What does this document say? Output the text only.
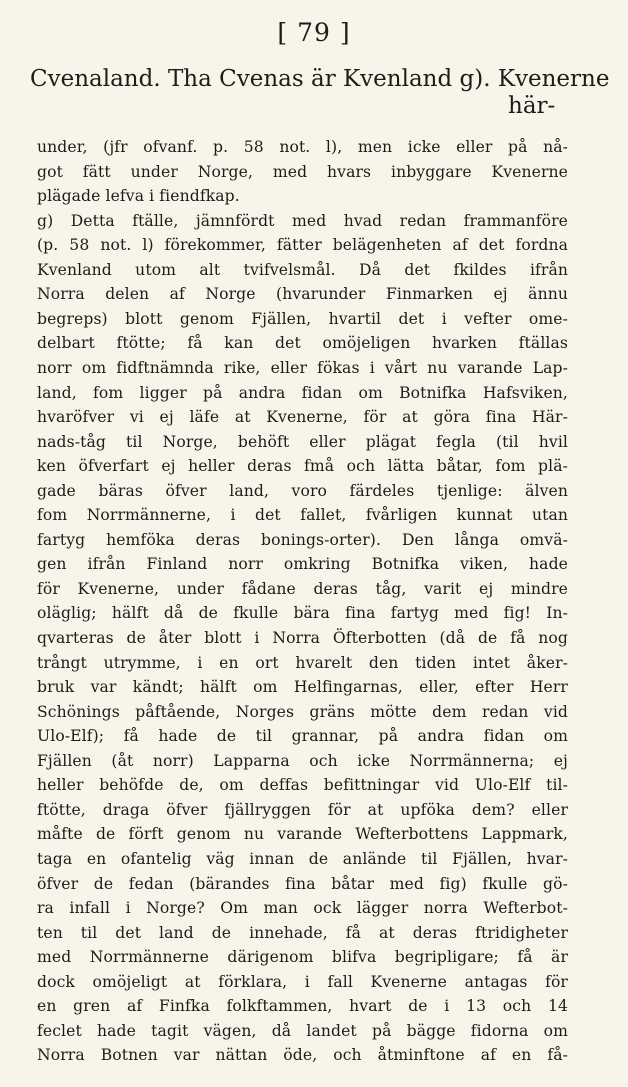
[ 79 ]
Cvenaland. Tha Cvenas är Kvenland g). Kvenerne
här-
under, (jfr ofvanf. p. 58 not. l), men icke eller på nå-
got fätt under Norge, med hvars inbyggare Kvenerne
plägade lefva i fiendfkap.
g) Detta ftälle, jämnfördt med hvad redan frammanföre
(p. 58 not. l) förekommer, fätter belägenheten af det fordna
Kvenland utom alt tvifvelsmål. Då det fkildes ifrån
Norra delen af Norge (hvarunder Finmarken ej ännu
begreps) blott genom Fjällen, hvartil det i vefter ome-
delbart ftötte; få kan det omöjeligen hvarken ftällas
norr om fidftnämnda rike, eller fökas i vårt nu varande Lap-
land, fom ligger på andra fidan om Botnifka Hafsviken,
hvaröfver vi ej läfe at Kvenerne, för at göra fina Här-
nads-tåg til Norge, behöft eller plägat fegla (til hvil
ken öfverfart ej heller deras fmå och lätta båtar, fom plä-
gade bäras öfver land, voro färdeles tjenlige: älven
fom Norrmännerne, i det fallet, fvårligen kunnat utan
fartyg hemföka deras bonings-orter). Den långa omvä-
gen ifrån Finland norr omkring Botnifka viken, hade
för Kvenerne, under fådane deras tåg, varit ej mindre
oläglig; hälft då de fkulle bära fina fartyg med fig! In-
qvarteras de åter blott i Norra Öfterbotten (då de få nog
trångt utrymme, i en ort hvarelt den tiden intet åker-
bruk var kändt; hälft om Helfingarnas, eller, efter Herr
Schönings påftående, Norges gräns mötte dem redan vid
Ulo-Elf); få hade de til grannar, på andra fidan om
Fjällen (åt norr) Lapparna och icke Norrmännerna; ej
heller behöfde de, om deffas befittningar vid Ulo-Elf til-
ftötte, draga öfver fjällryggen för at upföka dem? eller
måfte de förft genom nu varande Wefterbottens Lappmark,
taga en ofantelig väg innan de anlände til Fjällen, hvar-
öfver de fedan (bärandes fina båtar med fig) fkulle gö-
ra infall i Norge? Om man ock lägger norra Wefterbot-
ten til det land de innehade, få at deras ftridigheter
med Norrmännerne därigenom blifva begripligare; få är
dock omöjeligt at förklara, i fall Kvenerne antagas för
en gren af Finfka folkftammen, hvart de i 13 och 14
feclet hade tagit vägen, då landet på bägge fidorna om
Norra Botnen var nättan öde, och åtminftone af en få-
